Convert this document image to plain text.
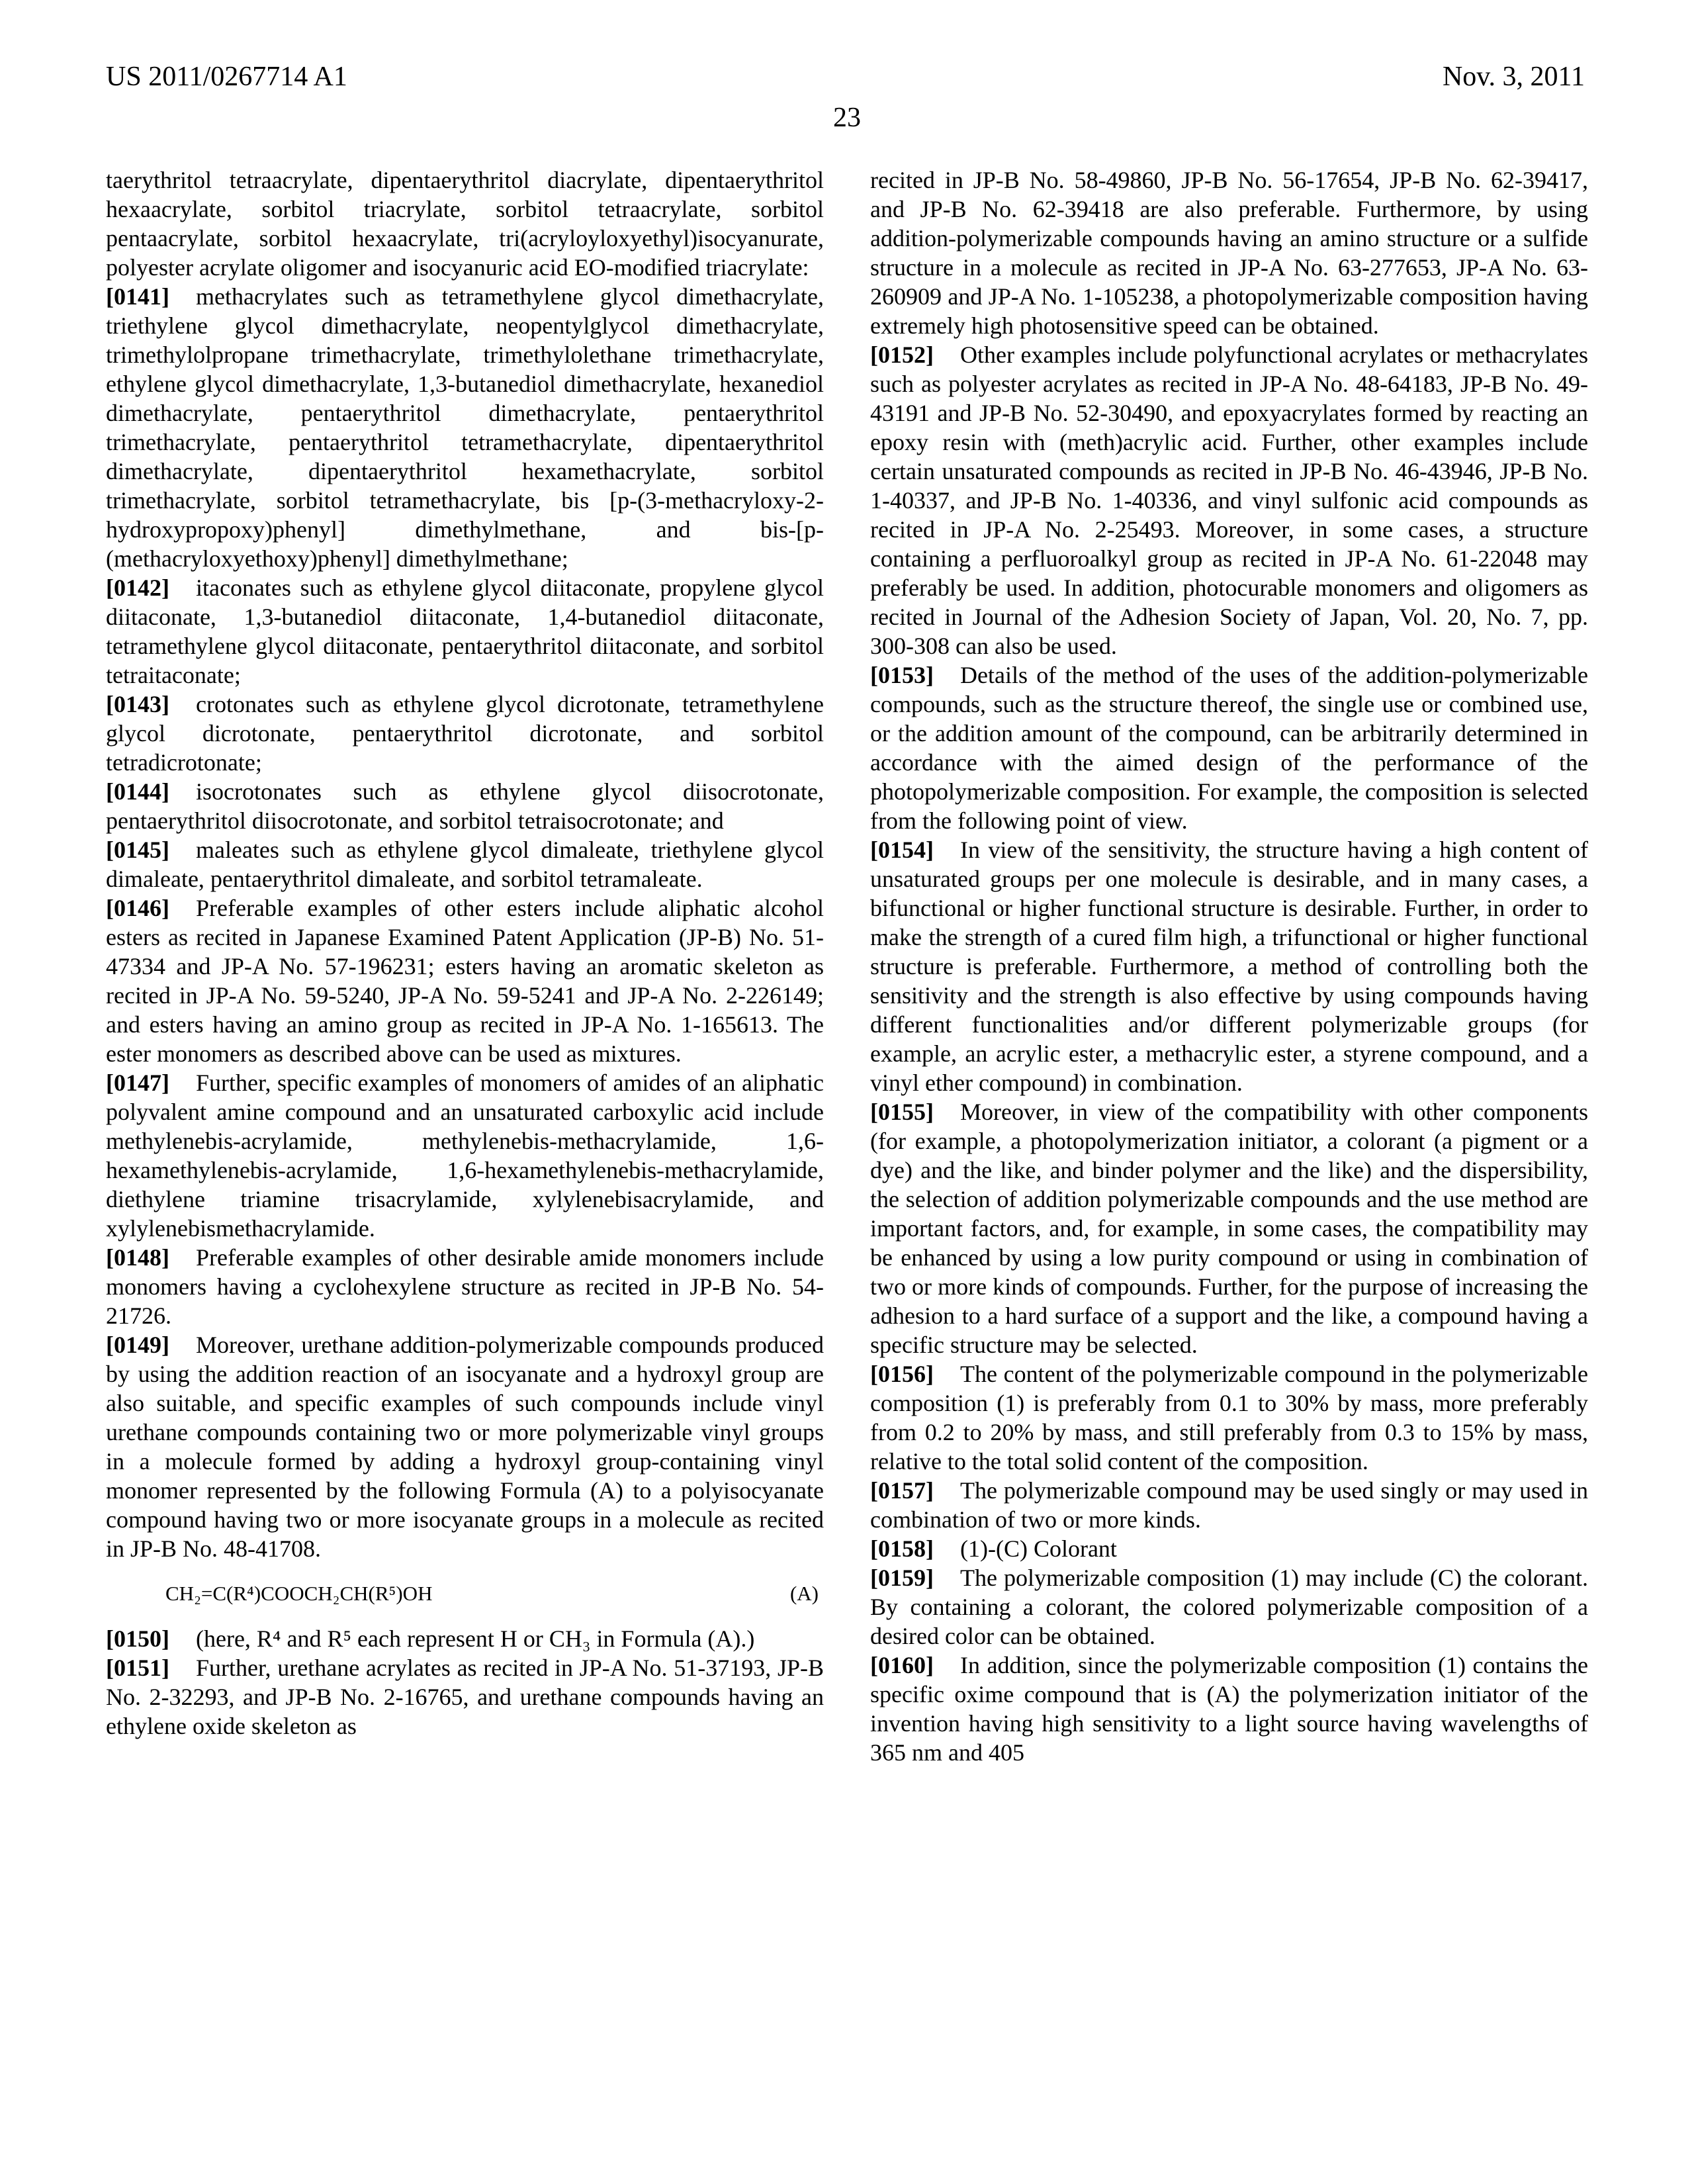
US 2011/0267714 A1	Nov. 3, 2011
23

taerythritol tetraacrylate, dipentaerythritol diacrylate, dipentaerythritol hexaacrylate, sorbitol triacrylate, sorbitol tetraacrylate, sorbitol pentaacrylate, sorbitol hexaacrylate, tri(acryloyloxyethyl)isocyanurate, polyester acrylate oligomer and isocyanuric acid EO-modified triacrylate:

[0141] methacrylates such as tetramethylene glycol dimethacrylate, triethylene glycol dimethacrylate, neopentylglycol dimethacrylate, trimethylolpropane trimethacrylate, trimethylolethane trimethacrylate, ethylene glycol dimethacrylate, 1,3-butanediol dimethacrylate, hexanediol dimethacrylate, pentaerythritol dimethacrylate, pentaerythritol trimethacrylate, pentaerythritol tetramethacrylate, dipentaerythritol dimethacrylate, dipentaerythritol hexamethacrylate, sorbitol trimethacrylate, sorbitol tetramethacrylate, bis [p-(3-methacryloxy-2-hydroxypropoxy)phenyl] dimethylmethane, and bis-[p-(methacryloxyethoxy)phenyl] dimethylmethane;

[0142] itaconates such as ethylene glycol diitaconate, propylene glycol diitaconate, 1,3-butanediol diitaconate, 1,4-butanediol diitaconate, tetramethylene glycol diitaconate, pentaerythritol diitaconate, and sorbitol tetraitaconate;

[0143] crotonates such as ethylene glycol dicrotonate, tetramethylene glycol dicrotonate, pentaerythritol dicrotonate, and sorbitol tetradicrotonate;

[0144] isocrotonates such as ethylene glycol diisocrotonate, pentaerythritol diisocrotonate, and sorbitol tetraisocrotonate; and

[0145] maleates such as ethylene glycol dimaleate, triethylene glycol dimaleate, pentaerythritol dimaleate, and sorbitol tetramaleate.

[0146] Preferable examples of other esters include aliphatic alcohol esters as recited in Japanese Examined Patent Application (JP-B) No. 51-47334 and JP-A No. 57-196231; esters having an aromatic skeleton as recited in JP-A No. 59-5240, JP-A No. 59-5241 and JP-A No. 2-226149; and esters having an amino group as recited in JP-A No. 1-165613. The ester monomers as described above can be used as mixtures.

[0147] Further, specific examples of monomers of amides of an aliphatic polyvalent amine compound and an unsaturated carboxylic acid include methylenebis-acrylamide, methylenebis-methacrylamide, 1,6-hexamethylenebis-acrylamide, 1,6-hexamethylenebis-methacrylamide, diethylene triamine trisacrylamide, xylylenebisacrylamide, and xylylenebismethacrylamide.

[0148] Preferable examples of other desirable amide monomers include monomers having a cyclohexylene structure as recited in JP-B No. 54-21726.

[0149] Moreover, urethane addition-polymerizable compounds produced by using the addition reaction of an isocyanate and a hydroxyl group are also suitable, and specific examples of such compounds include vinyl urethane compounds containing two or more polymerizable vinyl groups in a molecule formed by adding a hydroxyl group-containing vinyl monomer represented by the following Formula (A) to a polyisocyanate compound having two or more isocyanate groups in a molecule as recited in JP-B No. 48-41708.

CH₂=C(R⁴)COOCH₂CH(R⁵)OH	(A)

[0150] (here, R⁴ and R⁵ each represent H or CH₃ in Formula (A).)

[0151] Further, urethane acrylates as recited in JP-A No. 51-37193, JP-B No. 2-32293, and JP-B No. 2-16765, and urethane compounds having an ethylene oxide skeleton as

recited in JP-B No. 58-49860, JP-B No. 56-17654, JP-B No. 62-39417, and JP-B No. 62-39418 are also preferable. Furthermore, by using addition-polymerizable compounds having an amino structure or a sulfide structure in a molecule as recited in JP-A No. 63-277653, JP-A No. 63-260909 and JP-A No. 1-105238, a photopolymerizable composition having extremely high photosensitive speed can be obtained.

[0152] Other examples include polyfunctional acrylates or methacrylates such as polyester acrylates as recited in JP-A No. 48-64183, JP-B No. 49-43191 and JP-B No. 52-30490, and epoxyacrylates formed by reacting an epoxy resin with (meth)acrylic acid. Further, other examples include certain unsaturated compounds as recited in JP-B No. 46-43946, JP-B No. 1-40337, and JP-B No. 1-40336, and vinyl sulfonic acid compounds as recited in JP-A No. 2-25493. Moreover, in some cases, a structure containing a perfluoroalkyl group as recited in JP-A No. 61-22048 may preferably be used. In addition, photocurable monomers and oligomers as recited in Journal of the Adhesion Society of Japan, Vol. 20, No. 7, pp. 300-308 can also be used.

[0153] Details of the method of the uses of the addition-polymerizable compounds, such as the structure thereof, the single use or combined use, or the addition amount of the compound, can be arbitrarily determined in accordance with the aimed design of the performance of the photopolymerizable composition. For example, the composition is selected from the following point of view.

[0154] In view of the sensitivity, the structure having a high content of unsaturated groups per one molecule is desirable, and in many cases, a bifunctional or higher functional structure is desirable. Further, in order to make the strength of a cured film high, a trifunctional or higher functional structure is preferable. Furthermore, a method of controlling both the sensitivity and the strength is also effective by using compounds having different functionalities and/or different polymerizable groups (for example, an acrylic ester, a methacrylic ester, a styrene compound, and a vinyl ether compound) in combination.

[0155] Moreover, in view of the compatibility with other components (for example, a photopolymerization initiator, a colorant (a pigment or a dye) and the like, and binder polymer and the like) and the dispersibility, the selection of addition polymerizable compounds and the use method are important factors, and, for example, in some cases, the compatibility may be enhanced by using a low purity compound or using in combination of two or more kinds of compounds. Further, for the purpose of increasing the adhesion to a hard surface of a support and the like, a compound having a specific structure may be selected.

[0156] The content of the polymerizable compound in the polymerizable composition (1) is preferably from 0.1 to 30% by mass, more preferably from 0.2 to 20% by mass, and still preferably from 0.3 to 15% by mass, relative to the total solid content of the composition.

[0157] The polymerizable compound may be used singly or may used in combination of two or more kinds.

[0158] (1)-(C) Colorant

[0159] The polymerizable composition (1) may include (C) the colorant. By containing a colorant, the colored polymerizable composition of a desired color can be obtained.

[0160] In addition, since the polymerizable composition (1) contains the specific oxime compound that is (A) the polymerization initiator of the invention having high sensitivity to a light source having wavelengths of 365 nm and 405
